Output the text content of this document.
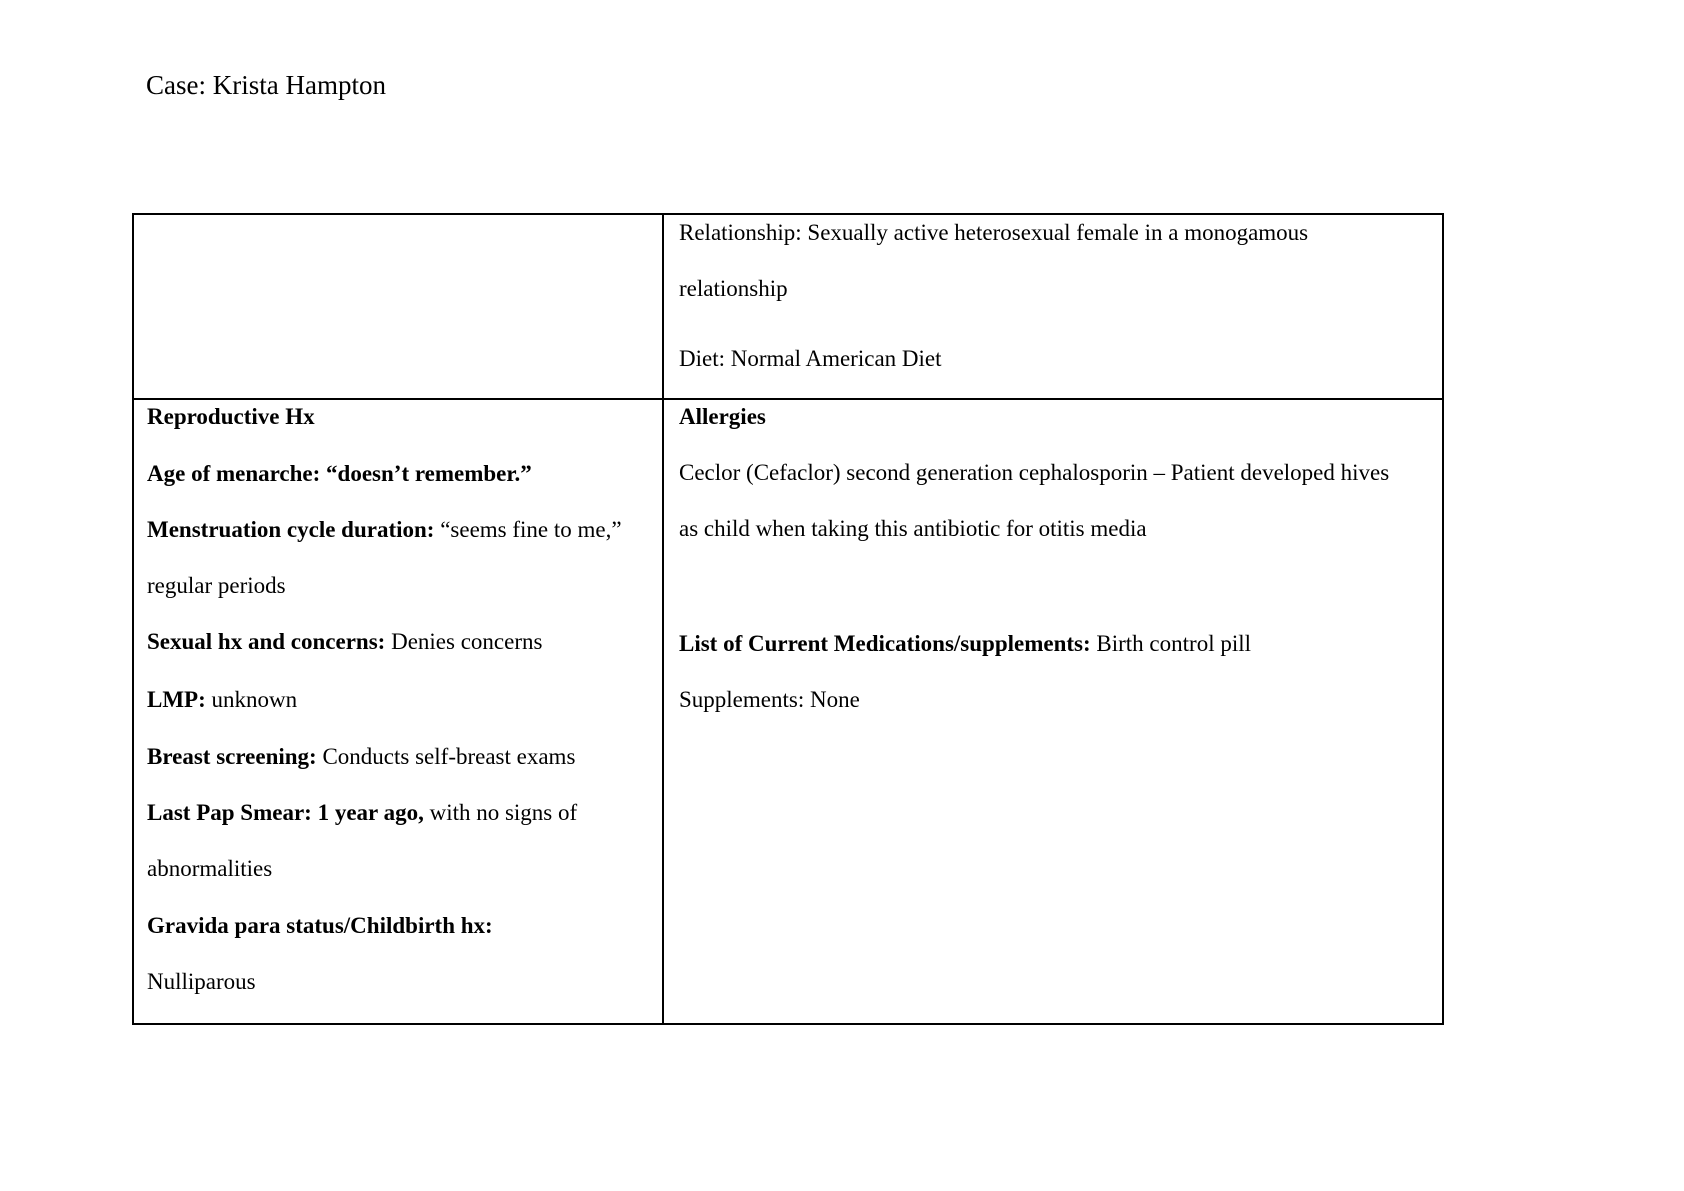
Case: Krista Hampton
Relationship: Sexually active heterosexual female in a monogamous
relationship
Diet: Normal American Diet
Reproductive Hx
Age of menarche: “doesn’t remember.”
Menstruation cycle duration: “seems fine to me,”
regular periods
Sexual hx and concerns: Denies concerns
LMP: unknown
Breast screening: Conducts self-breast exams
Last Pap Smear: 1 year ago, with no signs of
abnormalities
Gravida para status/Childbirth hx:
Nulliparous
Allergies
Ceclor (Cefaclor) second generation cephalosporin – Patient developed hives
as child when taking this antibiotic for otitis media
List of Current Medications/supplements: Birth control pill
Supplements: None
